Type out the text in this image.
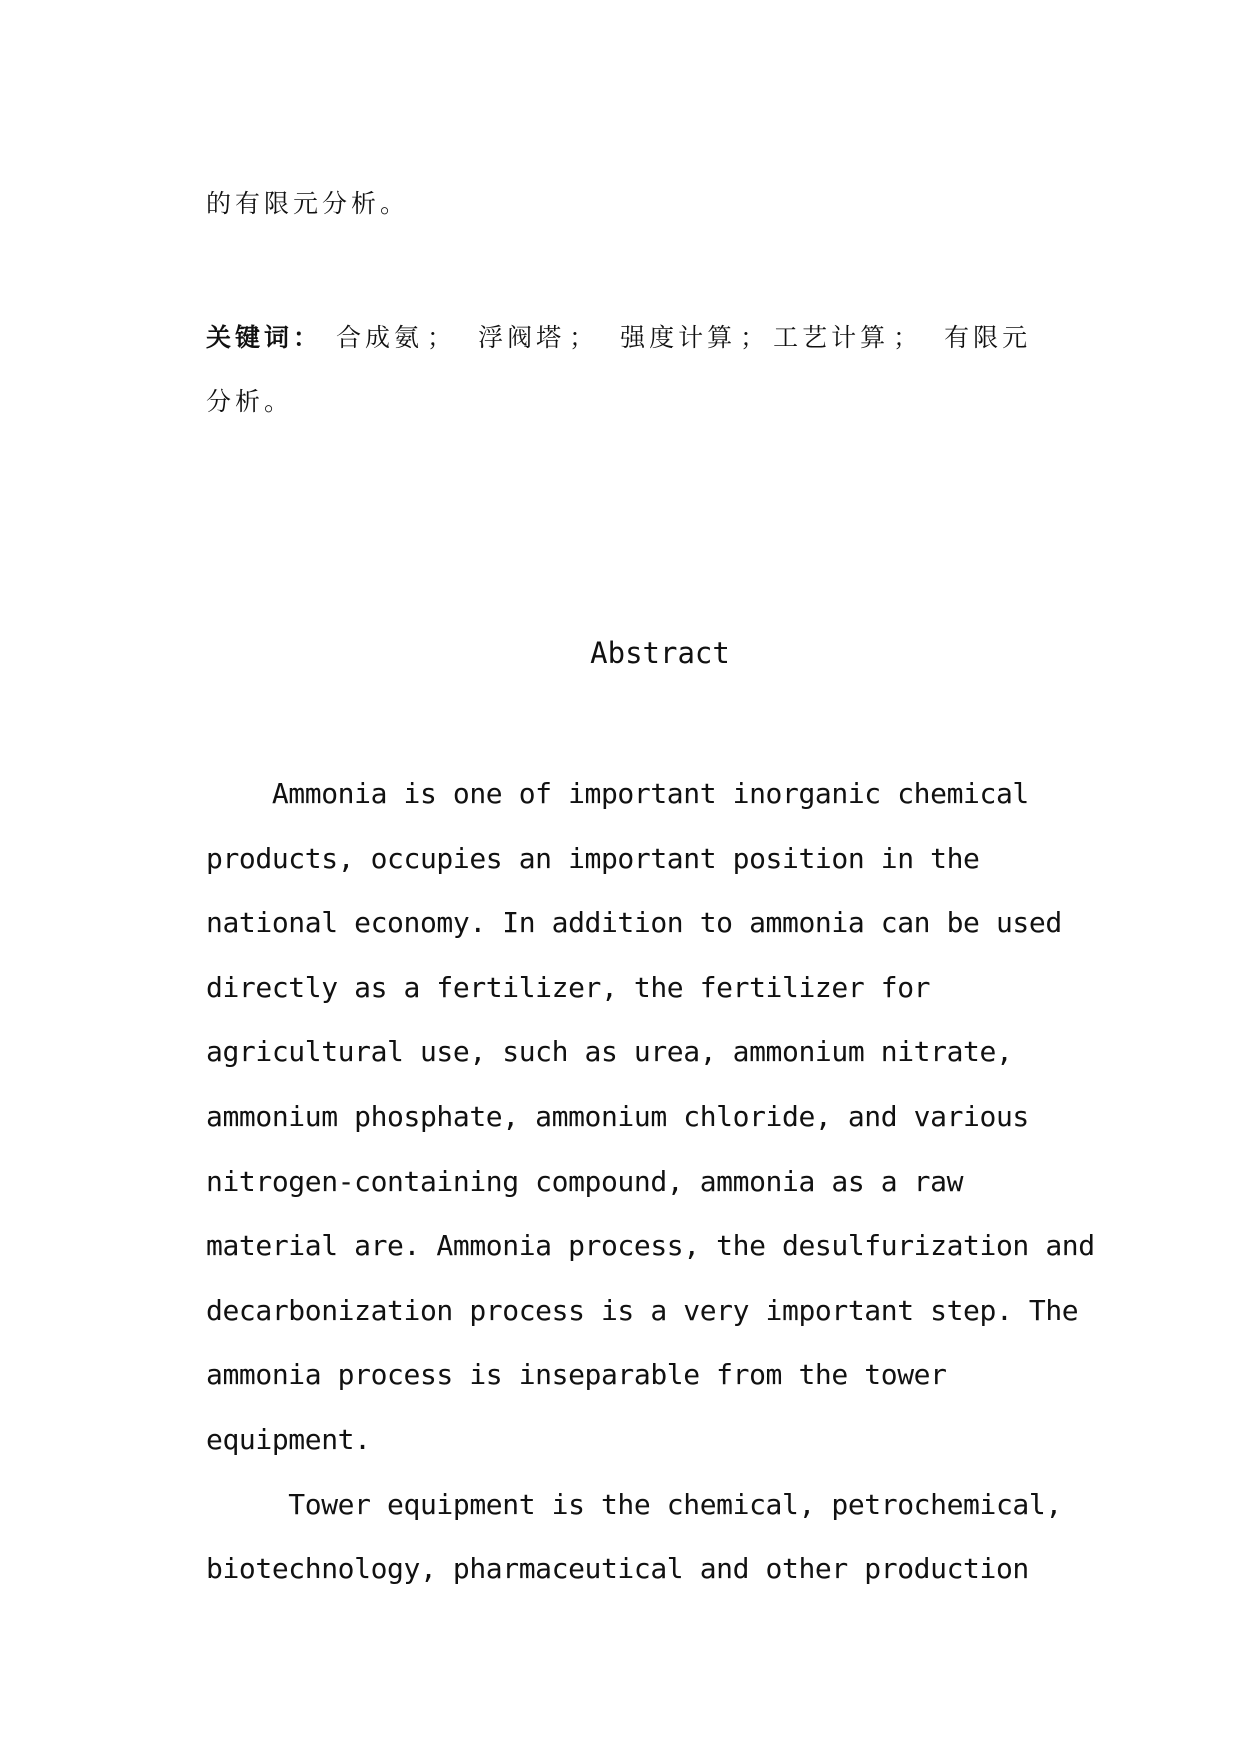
的有限元分析。

关键词： 合成氨 ； 浮阀塔 ； 强度计算 ； 工艺计算 ； 有限元

分析。

Abstract
Ammonia is one of important inorganic chemical
products, occupies an important position in the
national economy. In addition to ammonia can be used
directly as a fertilizer, the fertilizer for
agricultural use, such as urea, ammonium nitrate,
ammonium phosphate, ammonium chloride, and various
nitrogen-containing compound, ammonia as a raw
material are. Ammonia process, the desulfurization and
decarbonization process is a very important step. The
ammonia process is inseparable from the tower
equipment.
Tower equipment is the chemical, petrochemical,
biotechnology, pharmaceutical and other production
